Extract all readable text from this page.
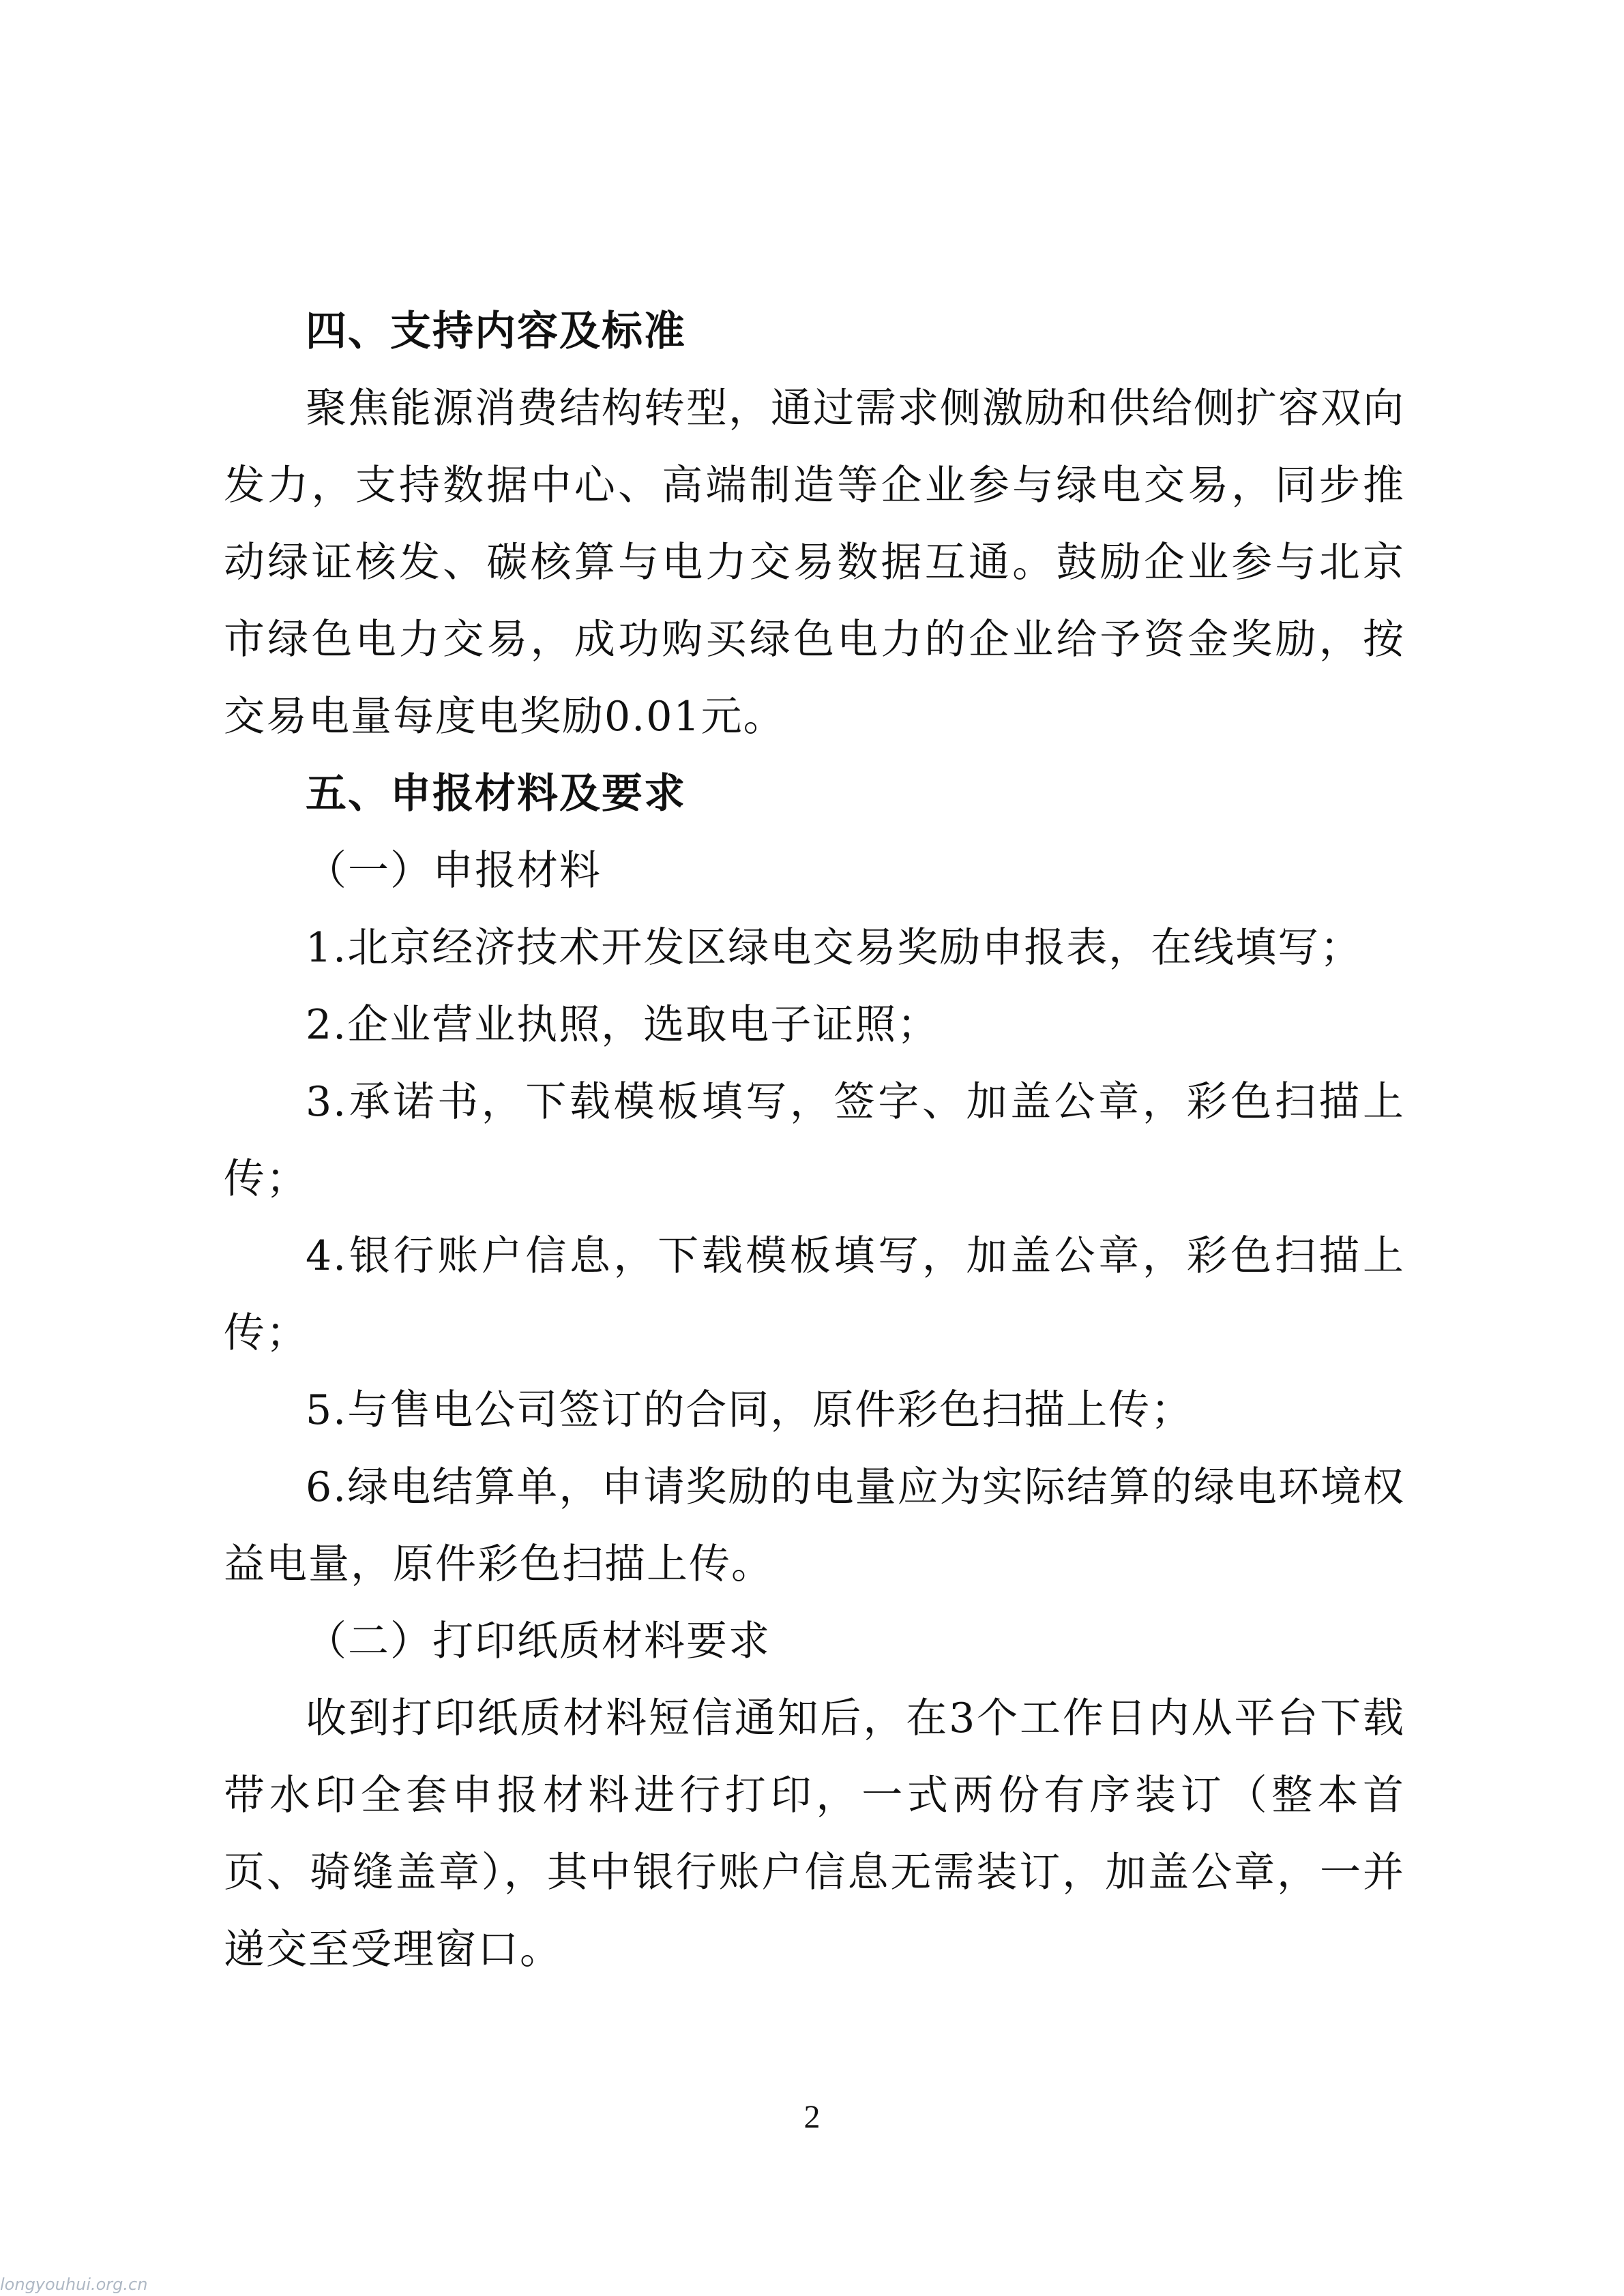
四、支持内容及标准

聚焦能源消费结构转型，通过需求侧激励和供给侧扩容双向发力，支持数据中心、高端制造等企业参与绿电交易，同步推动绿证核发、碳核算与电力交易数据互通。鼓励企业参与北京市绿色电力交易，成功购买绿色电力的企业给予资金奖励，按交易电量每度电奖励0.01元。

五、申报材料及要求

（一）申报材料

1.北京经济技术开发区绿电交易奖励申报表，在线填写；

2.企业营业执照，选取电子证照；

3.承诺书，下载模板填写，签字、加盖公章，彩色扫描上传；

4.银行账户信息，下载模板填写，加盖公章，彩色扫描上传；

5.与售电公司签订的合同，原件彩色扫描上传；

6.绿电结算单，申请奖励的电量应为实际结算的绿电环境权益电量，原件彩色扫描上传。

（二）打印纸质材料要求

收到打印纸质材料短信通知后，在3个工作日内从平台下载带水印全套申报材料进行打印，一式两份有序装订（整本首页、骑缝盖章），其中银行账户信息无需装订，加盖公章，一并递交至受理窗口。

2
longyouhui.org.cn
